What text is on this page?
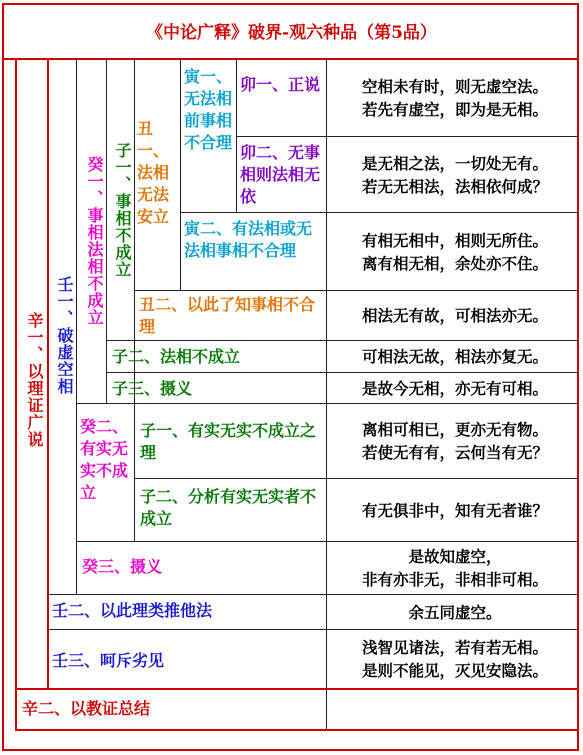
《中论广释》破界-观六种品（第5品）
辛一、以理证广说 壬一、破虚空相
癸一、事相法相不成立 子一、事相不成立
丑一、法相无法安立
寅一、无法相前事相不合理
卯一、正说
卯二、无事相则法相无依
寅二、有法相或无法相事相不合理
丑二、以此了知事相不合理
子二、法相不成立
子三、摄义
癸二、有实无实不成立
子一、有实无实不成立之理
子二、分析有实无实者不成立
癸三、摄义
壬二、以此理类推他法
壬三、呵斥劣见
辛二、以教证总结
空相未有时，则无虚空法。
若先有虚空，即为是无相。
是无相之法，一切处无有。
若无无相法，法相依何成？
有相无相中，相则无所住。
离有相无相，余处亦不住。
相法无有故，可相法亦无。
可相法无故，相法亦复无。
是故今无相，亦无有可相。
离相可相已，更亦无有物。
若使无有有，云何当有无？
有无俱非中，知有无者谁？
是故知虚空，
非有亦非无，非相非可相。
余五同虚空。
浅智见诸法，若有若无相。
是则不能见，灭见安隐法。
